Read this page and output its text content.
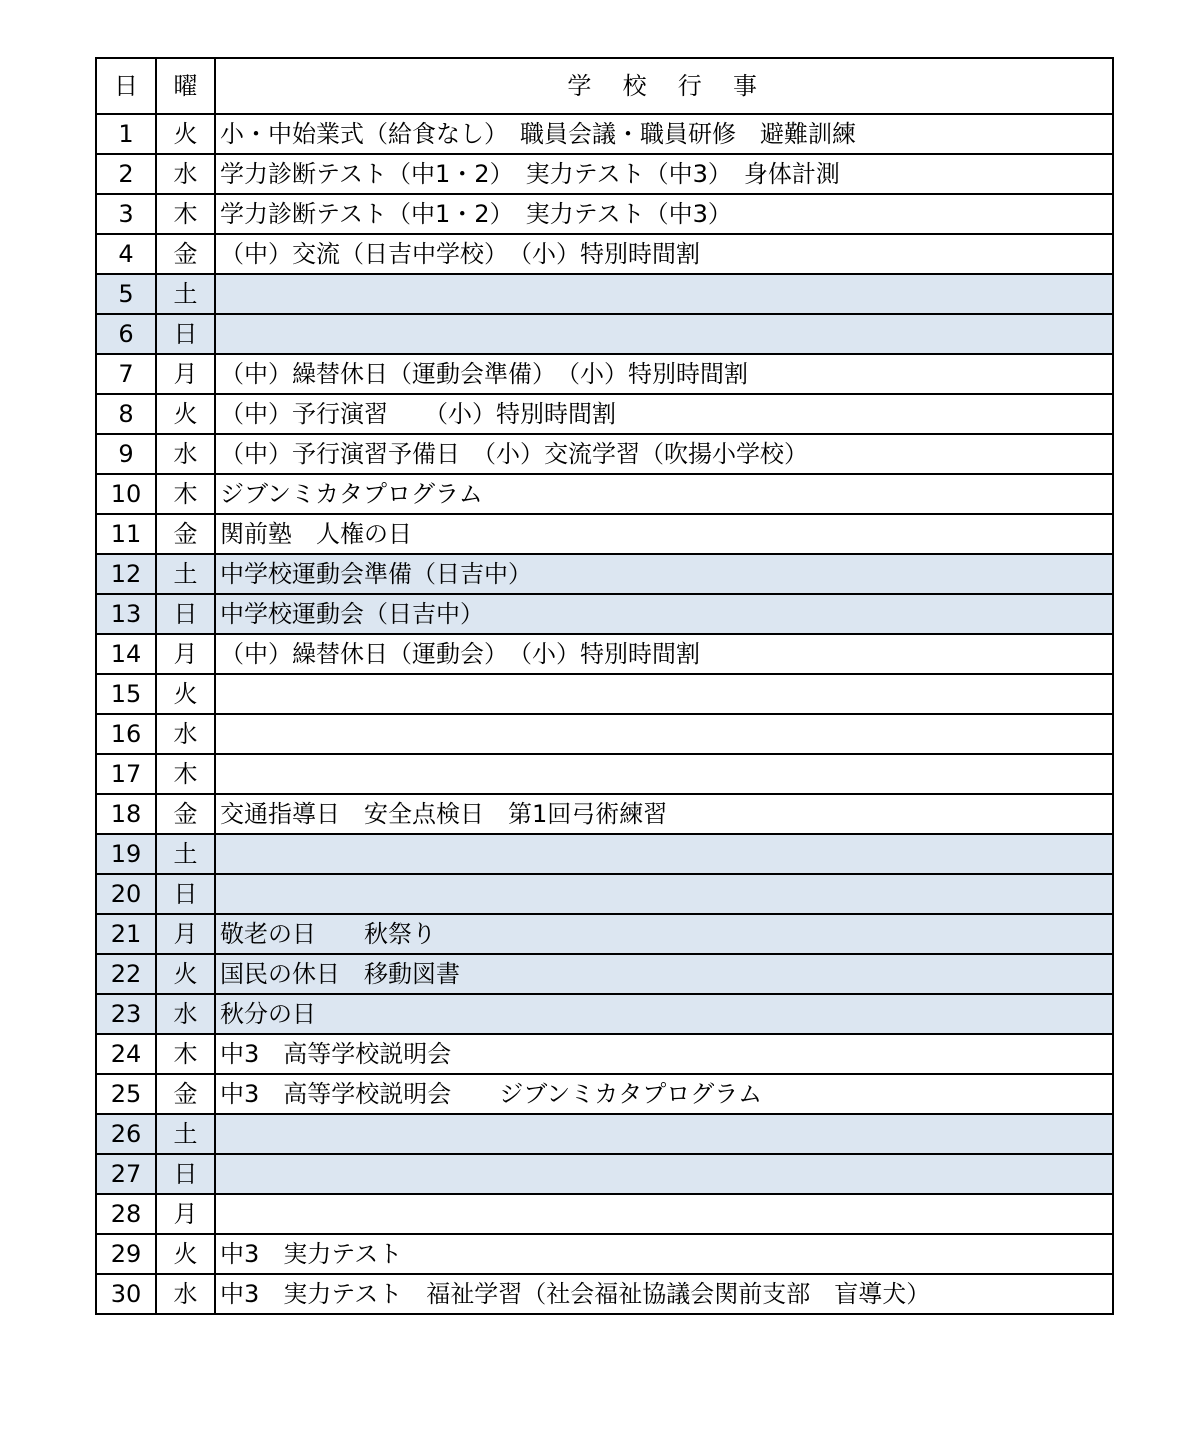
日	曜	学　校　行　事
1	火	小・中始業式（給食なし）　職員会議・職員研修　避難訓練
2	水	学力診断テスト（中1・2）　実力テスト（中3）　身体計測
3	木	学力診断テスト（中1・2）　実力テスト（中3）
4	金	（中）交流（日吉中学校）　（小）特別時間割
5	土	
6	日	
7	月	（中）繰替休日（運動会準備）　（小）特別時間割
8	火	（中）予行演習　　（小）特別時間割
9	水	（中）予行演習予備日　（小）交流学習（吹揚小学校）
10	木	ジブンミカタプログラム
11	金	関前塾　人権の日
12	土	中学校運動会準備（日吉中）
13	日	中学校運動会（日吉中）
14	月	（中）繰替休日（運動会）　（小）特別時間割
15	火	
16	水	
17	木	
18	金	交通指導日　安全点検日　第1回弓術練習
19	土	
20	日	
21	月	敬老の日　　秋祭り
22	火	国民の休日　移動図書
23	水	秋分の日
24	木	中3　高等学校説明会
25	金	中3　高等学校説明会　　ジブンミカタプログラム
26	土	
27	日	
28	月	
29	火	中3　実力テスト
30	水	中3　実力テスト　福祉学習（社会福祉協議会関前支部　盲導犬）
